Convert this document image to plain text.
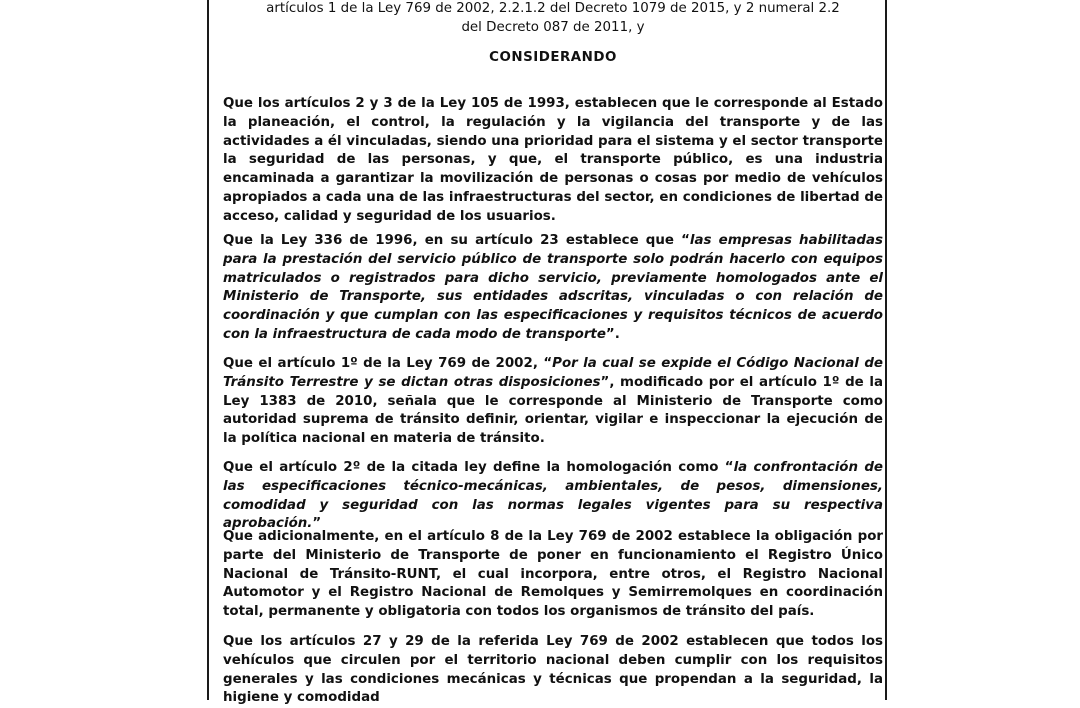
artículos 1 de la Ley 769 de 2002, 2.2.1.2 del Decreto 1079 de 2015, y 2 numeral 2.2
del Decreto 087 de 2011, y
CONSIDERANDO

Que los artículos 2 y 3 de la Ley 105 de 1993, establecen que le corresponde al Estado la planeación, el control, la regulación y la vigilancia del transporte y de las actividades a él vinculadas, siendo una prioridad para el sistema y el sector transporte la seguridad de las personas, y que, el transporte público, es una industria encaminada a garantizar la movilización de personas o cosas por medio de vehículos apropiados a cada una de las infraestructuras del sector, en condiciones de libertad de acceso, calidad y seguridad de los usuarios.

Que la Ley 336 de 1996, en su artículo 23 establece que “las empresas habilitadas para la prestación del servicio público de transporte solo podrán hacerlo con equipos matriculados o registrados para dicho servicio, previamente homologados ante el Ministerio de Transporte, sus entidades adscritas, vinculadas o con relación de coordinación y que cumplan con las especificaciones y requisitos técnicos de acuerdo con la infraestructura de cada modo de transporte”.

Que el artículo 1º de la Ley 769 de 2002, “Por la cual se expide el Código Nacional de Tránsito Terrestre y se dictan otras disposiciones”, modificado por el artículo 1º de la Ley 1383 de 2010, señala que le corresponde al Ministerio de Transporte como autoridad suprema de tránsito definir, orientar, vigilar e inspeccionar la ejecución de la política nacional en materia de tránsito.

Que el artículo 2º de la citada ley define la homologación como “la confrontación de las especificaciones técnico-mecánicas, ambientales, de pesos, dimensiones, comodidad y seguridad con las normas legales vigentes para su respectiva aprobación.”

Que adicionalmente, en el artículo 8 de la Ley 769 de 2002 establece la obligación por parte del Ministerio de Transporte de poner en funcionamiento el Registro Único Nacional de Tránsito-RUNT, el cual incorpora, entre otros, el Registro Nacional Automotor y el Registro Nacional de Remolques y Semirremolques en coordinación total, permanente y obligatoria con todos los organismos de tránsito del país.

Que los artículos 27 y 29 de la referida Ley 769 de 2002 establecen que todos los vehículos que circulen por el territorio nacional deben cumplir con los requisitos generales y las condiciones mecánicas y técnicas que propendan a la seguridad, la higiene y comodidad
